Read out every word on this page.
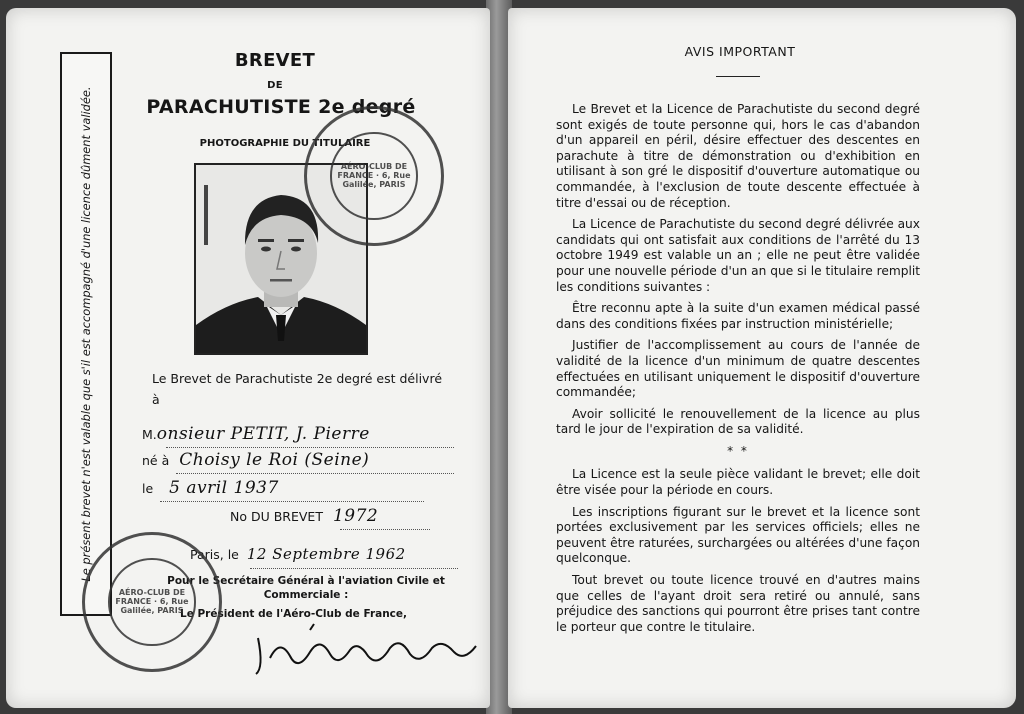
Le présent brevet n'est valable que s'il est accompagné d'une licence dûment validée.
BREVET
DE
PARACHUTISTE 2e degré
PHOTOGRAPHIE DU TITULAIRE
AÉRO-CLUB DE FRANCE · 6, Rue Galilée, PARIS
Le Brevet de Parachutiste 2e degré est délivré à
M.onsieur PETIT, J. Pierre
né à Choisy le Roi (Seine)
le 5 avril 1937
No DU BREVET 1972
Paris, le 12 Septembre 1962
Pour le Secrétaire Général à l'aviation Civile et Commerciale :
Le Président de l'Aéro-Club de France,
AÉRO-CLUB DE FRANCE · 6, Rue Galilée, PARIS
AVIS IMPORTANT

Le Brevet et la Licence de Parachutiste du second degré sont exigés de toute personne qui, hors le cas d'abandon d'un appareil en péril, désire effectuer des descentes en parachute à titre de démonstration ou d'exhibition en utilisant à son gré le dispositif d'ouverture automatique ou commandée, à l'exclusion de toute descente effectuée à titre d'essai ou de réception.

La Licence de Parachutiste du second degré délivrée aux candidats qui ont satisfait aux conditions de l'arrêté du 13 octobre 1949 est valable un an ; elle ne peut être validée pour une nouvelle période d'un an que si le titulaire remplit les conditions suivantes :

Être reconnu apte à la suite d'un examen médical passé dans des conditions fixées par instruction ministérielle;

Justifier de l'accomplissement au cours de l'année de validité de la licence d'un minimum de quatre descentes effectuées en utilisant uniquement le dispositif d'ouverture commandée;

Avoir sollicité le renouvellement de la licence au plus tard le jour de l'expiration de sa validité.

* *

La Licence est la seule pièce validant le brevet; elle doit être visée pour la période en cours.

Les inscriptions figurant sur le brevet et la licence sont portées exclusivement par les services officiels; elles ne peuvent être raturées, surchargées ou altérées d'une façon quelconque.

Tout brevet ou toute licence trouvé en d'autres mains que celles de l'ayant droit sera retiré ou annulé, sans préjudice des sanctions qui pourront être prises tant contre le porteur que contre le titulaire.
